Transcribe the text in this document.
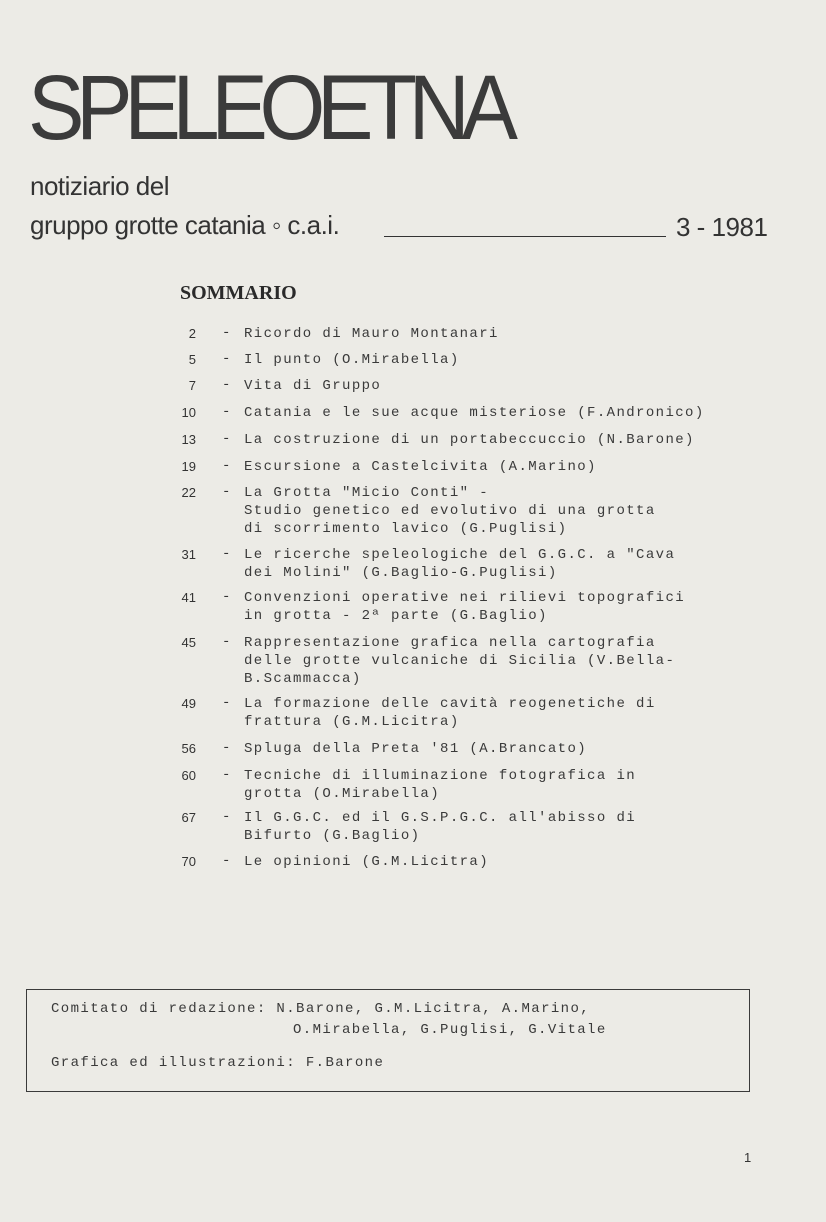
SPELEOETNA
notiziario del
gruppo grotte catania ◦ c.a.i.	3 - 1981
SOMMARIO
2 - Ricordo di Mauro Montanari
5 - Il punto (O.Mirabella)
7 - Vita di Gruppo
10 - Catania e le sue acque misteriose (F.Andronico)
13 - La costruzione di un portabeccuccio (N.Barone)
19 - Escursione a Castelcivita (A.Marino)
22 - La Grotta "Micio Conti" -
Studio genetico ed evolutivo di una grotta
di scorrimento lavico (G.Puglisi)
31 - Le ricerche speleologiche del G.G.C. a "Cava
dei Molini" (G.Baglio-G.Puglisi)
41 - Convenzioni operative nei rilievi topografici
in grotta - 2ª parte (G.Baglio)
45 - Rappresentazione grafica nella cartografia
delle grotte vulcaniche di Sicilia (V.Bella-
B.Scammacca)
49 - La formazione delle cavità reogenetiche di
frattura (G.M.Licitra)
56 - Spluga della Preta '81 (A.Brancato)
60 - Tecniche di illuminazione fotografica in
grotta (O.Mirabella)
67 - Il G.G.C. ed il G.S.P.G.C. all'abisso di
Bifurto (G.Baglio)
70 - Le opinioni (G.M.Licitra)
Comitato di redazione: N.Barone, G.M.Licitra, A.Marino,
O.Mirabella, G.Puglisi, G.Vitale
Grafica ed illustrazioni: F.Barone
1
